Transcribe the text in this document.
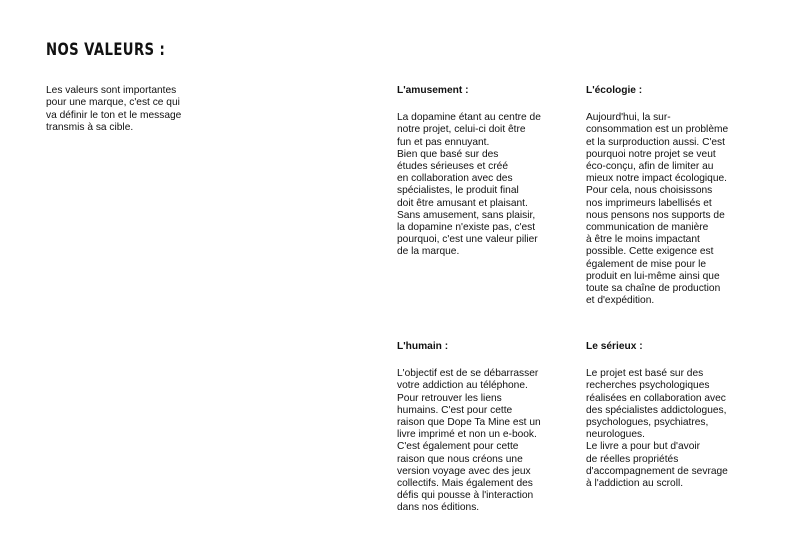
NOS VALEURS :
Les valeurs sont importantes
pour une marque, c'est ce qui
va définir le ton et le message
transmis à sa cible.
L'amusement :
La dopamine étant au centre de
notre projet, celui-ci doit être
fun et pas ennuyant.
Bien que basé sur des
études sérieuses et créé
en collaboration avec des
spécialistes, le produit final
doit être amusant et plaisant.
Sans amusement, sans plaisir,
la dopamine n'existe pas, c'est
pourquoi, c'est une valeur pilier
de la marque.
L'écologie :
Aujourd'hui, la sur-
consommation est un problème
et la surproduction aussi. C'est
pourquoi notre projet se veut
éco-conçu, afin de limiter au
mieux notre impact écologique.
Pour cela, nous choisissons
nos imprimeurs labellisés et
nous pensons nos supports de
communication de manière
à être le moins impactant
possible. Cette exigence est
également de mise pour le
produit en lui-même ainsi que
toute sa chaîne de production
et d'expédition.
L'humain :
L'objectif est de se débarrasser
votre addiction au téléphone.
Pour retrouver les liens
humains. C'est pour cette
raison que Dope Ta Mine est un
livre imprimé et non un e-book.
C'est également pour cette
raison que nous créons une
version voyage avec des jeux
collectifs. Mais également des
défis qui pousse à l'interaction
dans nos éditions.
Le sérieux :
Le projet est basé sur des
recherches psychologiques
réalisées en collaboration avec
des spécialistes addictologues,
psychologues, psychiatres,
neurologues.
Le livre a pour but d'avoir
de réelles propriétés
d'accompagnement de sevrage
à l'addiction au scroll.
